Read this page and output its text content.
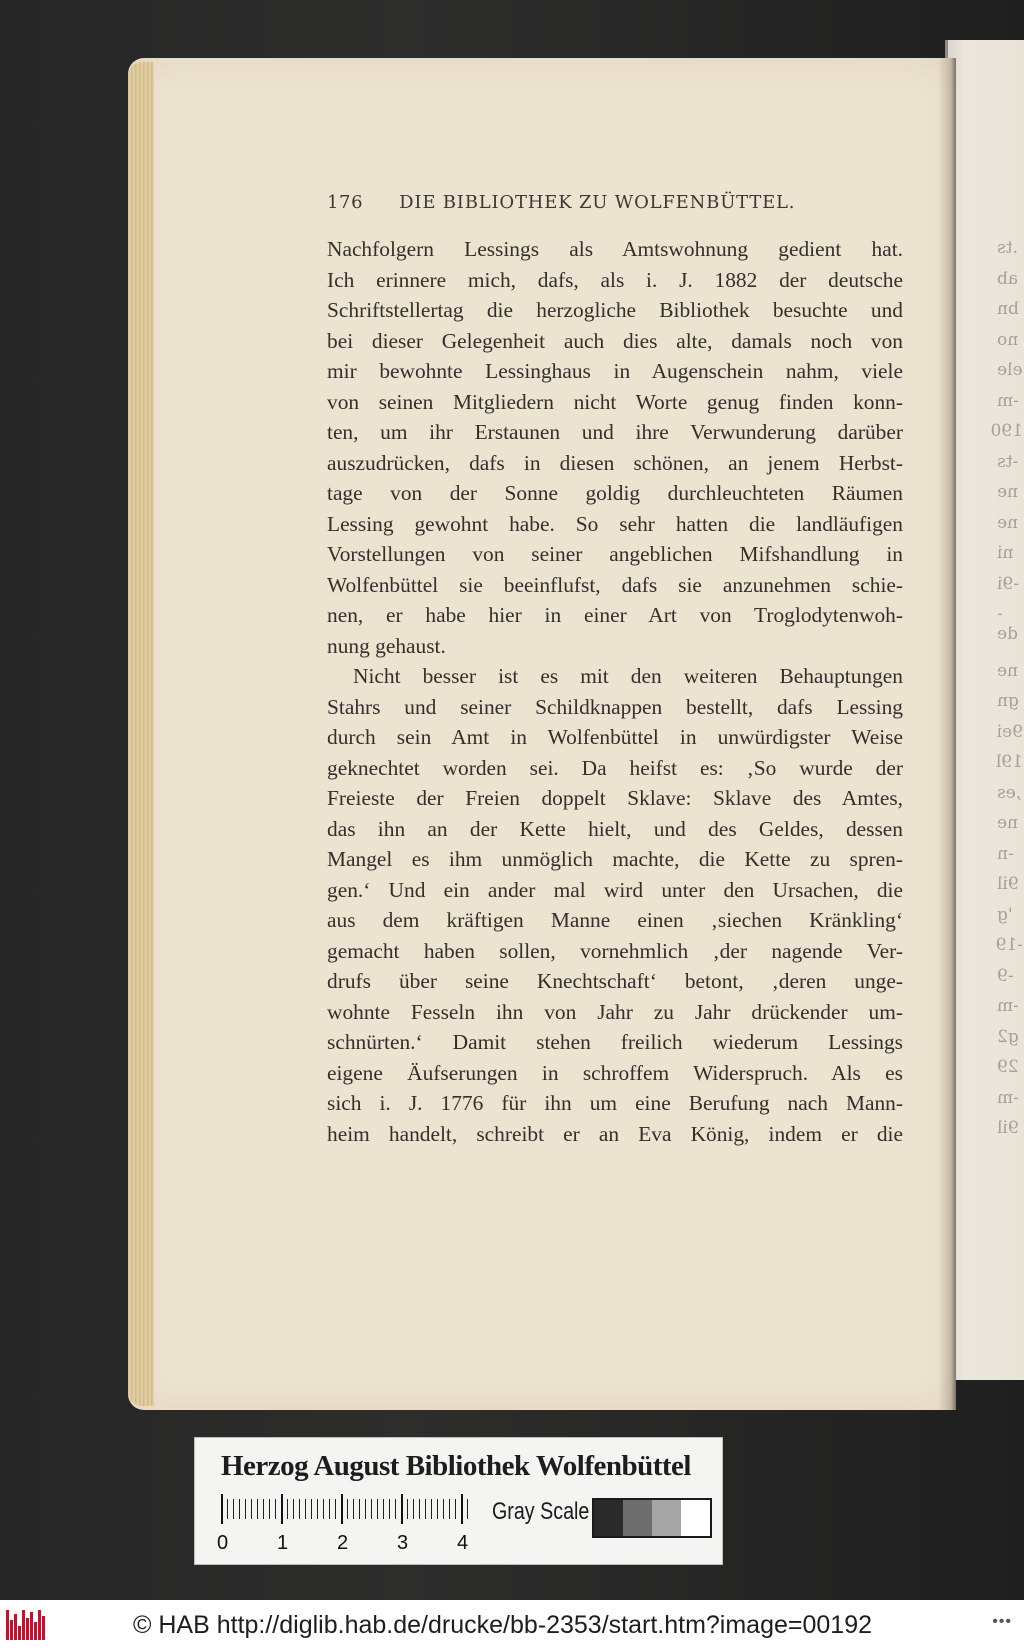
.ts
ab
bn
no
ele
-m
190
-ts
ne
ne
ni
-9i
-de
ne
gn
9ei
19l
,es
ne
-n
9il
'g
-19
-9
-m
g2
29
-m
9il
176 DIE BIBLIOTHEK ZU WOLFENBÜTTEL.
Nachfolgern Lessings als Amtswohnung gedient hat.
Ich erinnere mich, dafs, als i. J. 1882 der deutsche
Schriftstellertag die herzogliche Bibliothek besuchte und
bei dieser Gelegenheit auch dies alte, damals noch von
mir bewohnte Lessinghaus in Augenschein nahm, viele
von seinen Mitgliedern nicht Worte genug finden konn-
ten, um ihr Erstaunen und ihre Verwunderung darüber
auszudrücken, dafs in diesen schönen, an jenem Herbst-
tage von der Sonne goldig durchleuchteten Räumen
Lessing gewohnt habe. So sehr hatten die landläufigen
Vorstellungen von seiner angeblichen Mifshandlung in
Wolfenbüttel sie beeinflufst, dafs sie anzunehmen schie-
nen, er habe hier in einer Art von Troglodytenwoh-
nung gehaust.
Nicht besser ist es mit den weiteren Behauptungen
Stahrs und seiner Schildknappen bestellt, dafs Lessing
durch sein Amt in Wolfenbüttel in unwürdigster Weise
geknechtet worden sei. Da heifst es: ‚So wurde der
Freieste der Freien doppelt Sklave: Sklave des Amtes,
das ihn an der Kette hielt, und des Geldes, dessen
Mangel es ihm unmöglich machte, die Kette zu spren-
gen.‘ Und ein ander mal wird unter den Ursachen, die
aus dem kräftigen Manne einen ‚siechen Kränkling‘
gemacht haben sollen, vornehmlich ‚der nagende Ver-
drufs über seine Knechtschaft‘ betont, ‚deren unge-
wohnte Fesseln ihn von Jahr zu Jahr drückender um-
schnürten.‘ Damit stehen freilich wiederum Lessings
eigene Äufserungen in schroffem Widerspruch. Als es
sich i. J. 1776 für ihn um eine Berufung nach Mann-
heim handelt, schreibt er an Eva König, indem er die
Herzog August Bibliothek Wolfenbüttel
0 1 2 3 4
Gray Scale
© HAB http://diglib.hab.de/drucke/bb-2353/start.htm?image=00192	•••
